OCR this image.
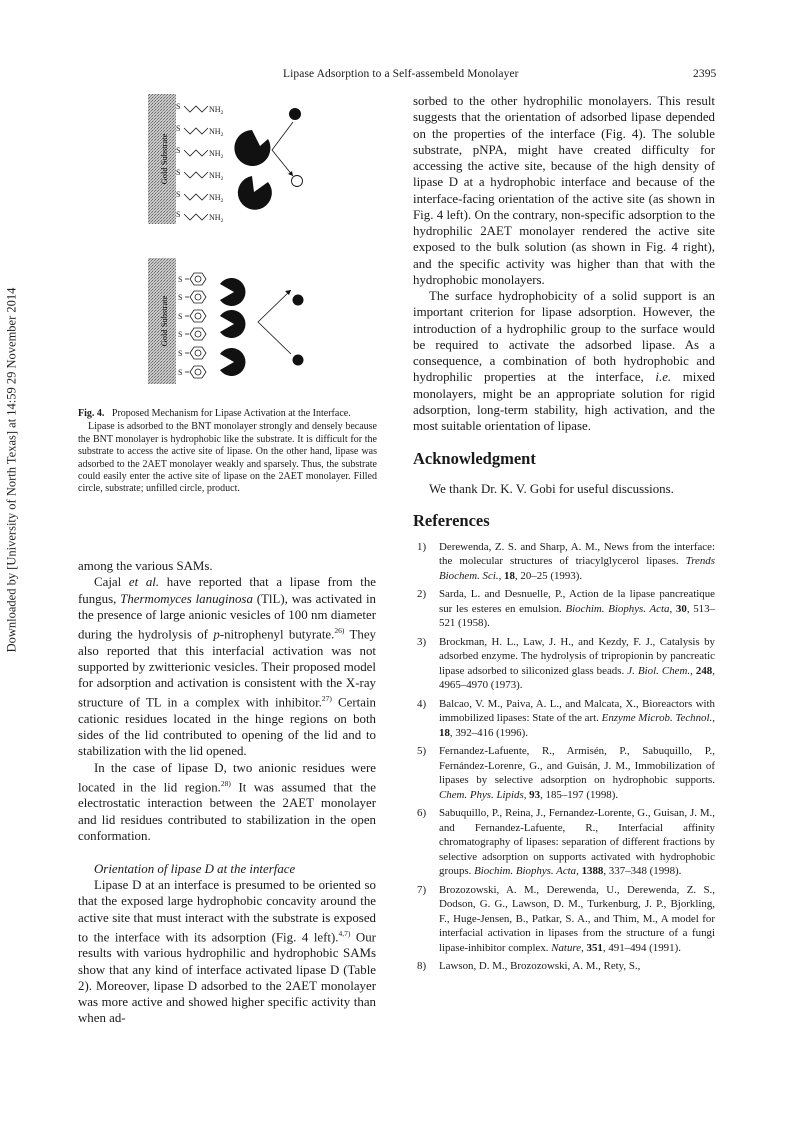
Lipase Adsorption to a Self-assembeld Monolayer	2395
Downloaded by [University of North Texas] at 14:59 29 November 2014
Gold Substrate
S	$NH_2$
S	$NH_2$
S	$NH_2$
S	$NH_2$
S	$NH_2$
S	$NH_2$
Gold Substrate
S
S
S
S
S
S

Fig. 4. Proposed Mechanism for Lipase Activation at the Interface.

Lipase is adsorbed to the BNT monolayer strongly and densely because the BNT monolayer is hydrophobic like the substrate. It is difficult for the substrate to access the active site of lipase. On the other hand, lipase was adsorbed to the 2AET monolayer weakly and sparsely. Thus, the substrate could easily enter the active site of lipase on the 2AET monolayer. Filled circle, substrate; unfilled circle, product.

among the various SAMs.

Cajal et al. have reported that a lipase from the fungus, Thermomyces lanuginosa (TlL), was activated in the presence of large anionic vesicles of 100 nm diameter during the hydrolysis of p-nitrophenyl butyrate.$^{26)}$ They also reported that this interfacial activation was not supported by zwitterionic vesicles. Their proposed model for adsorption and activation is consistent with the X-ray structure of TL in a complex with inhibitor.$^{27)}$ Certain cationic residues located in the hinge regions on both sides of the lid contributed to opening of the lid and to stabilization with the lid opened.

In the case of lipase D, two anionic residues were located in the lid region.$^{28)}$ It was assumed that the electrostatic interaction between the 2AET monolayer and lid residues contributed to stabilization in the open conformation.

Orientation of lipase D at the interface

Lipase D at an interface is presumed to be oriented so that the exposed large hydrophobic concavity around the active site that must interact with the substrate is exposed to the interface with its adsorption (Fig. 4 left).$^{4,7)}$ Our results with various hydrophilic and hydrophobic SAMs show that any kind of interface activated lipase D (Table 2). Moreover, lipase D adsorbed to the 2AET monolayer was more active and showed higher specific activity than when ad-

sorbed to the other hydrophilic monolayers. This result suggests that the orientation of adsorbed lipase depended on the properties of the interface (Fig. 4). The soluble substrate, pNPA, might have created difficulty for accessing the active site, because of the high density of lipase D at a hydrophobic interface and because of the interface-facing orientation of the active site (as shown in Fig. 4 left). On the contrary, non-specific adsorption to the hydrophilic 2AET monolayer rendered the active site exposed to the bulk solution (as shown in Fig. 4 right), and the specific activity was higher than that with the hydrophobic monolayers.

The surface hydrophobicity of a solid support is an important criterion for lipase adsorption. However, the introduction of a hydrophilic group to the surface would be required to activate the adsorbed lipase. As a consequence, a combination of both hydrophobic and hydrophilic properties at the interface, i.e. mixed monolayers, might be an appropriate solution for rigid adsorption, long-term stability, high activation, and the most suitable orientation of lipase.

Acknowledgment

We thank Dr. K. V. Gobi for useful discussions.

References
1) Derewenda, Z. S. and Sharp, A. M., News from the interface: the molecular structures of triacylglycerol lipases. Trends Biochem. Sci., 18, 20–25 (1993).
2) Sarda, L. and Desnuelle, P., Action de la lipase pancreatique sur les esteres en emulsion. Biochim. Biophys. Acta, 30, 513–521 (1958).
3) Brockman, H. L., Law, J. H., and Kezdy, F. J., Catalysis by adsorbed enzyme. The hydrolysis of tripropionin by pancreatic lipase adsorbed to siliconized glass beads. J. Biol. Chem., 248, 4965–4970 (1973).
4) Balcao, V. M., Paiva, A. L., and Malcata, X., Bioreactors with immobilized lipases: State of the art. Enzyme Microb. Technol., 18, 392–416 (1996).
5) Fernandez-Lafuente, R., Armisén, P., Sabuquillo, P., Fernández-Lorenre, G., and Guisán, J. M., Immobilization of lipases by selective adsorption on hydrophobic supports. Chem. Phys. Lipids, 93, 185–197 (1998).
6) Sabuquillo, P., Reina, J., Fernandez-Lorente, G., Guisan, J. M., and Fernandez-Lafuente, R., Interfacial affinity chromatography of lipases: separation of different fractions by selective adsorption on supports activated with hydrophobic groups. Biochim. Biophys. Acta, 1388, 337–348 (1998).
7) Brozozowski, A. M., Derewenda, U., Derewenda, Z. S., Dodson, G. G., Lawson, D. M., Turkenburg, J. P., Bjorkling, F., Huge-Jensen, B., Patkar, S. A., and Thim, M., A model for interfacial activation in lipases from the structure of a fungi lipase-inhibitor complex. Nature, 351, 491–494 (1991).
8) Lawson, D. M., Brozozowski, A. M., Rety, S.,
